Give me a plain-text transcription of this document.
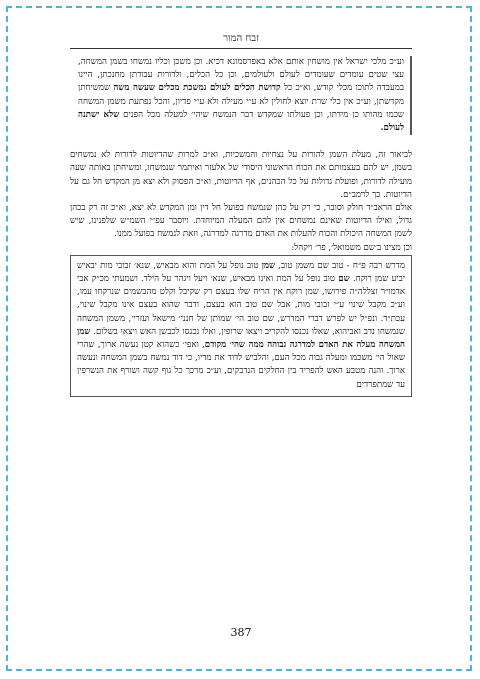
זבח המור

וע״כ מלכי ישראל אין מושחין אותם אלא באפרסמונא דכיא. וכן משכן וכליו נמשחו בשמן המשחה, עצי שטים עומדים שעומדים לעולם ולעולמים, וכן כל הכלים, ולדורות עבודתן מחנכתן, היינו במעבדה לתוכו מכלי קודש, וא״כ כל קדושת הכלים לעולם נמשכת מכלים שעשה משה שמשיחתן מקדשתן, וע״כ אין כלי שרת יוצא לחולין לא ע״י מעילה ולא ע״י פדיון, והכל נפתעת משמן המשחה שכמו מהותו כן מידתו, וכן פעולתו שמקדש דבר הנמשח שיהי׳ למעלה מכל הפנים שלא ישתנה לעולם.

לביאור זה, מעלת השמן להורות על נצחיות והמשכיות, וא״כ למרות שהדיוטות לדורות לא נמשחים בשמן, יש להם בעצמותם את הכוח הראשוני היסודי של אלעזר ואיתמר שנמשחו, ומשיחתן באותה שעה מועילה לדורות, ופועלת גדולות על כל הכהנים, אף הדיוטות, וא״כ הפסוק ולא יצא מן המקדש חל גם על הדיוטות. כך לרמב״ם.

אולם הראב״ד חולק וסובר, כי רק על כהן שנמשח בפועל חל דין ומן המקדש לא יצא, וא״כ זה רק בכהן גדול, ואילו הדיוטות שאינם נמשחים אין להם המעלה המיוחדת. ויוסבר עפ״י השמ״ש שלפנינו, שיש לשמן המשחה היכולת והכוח להעלות את האדם מדרגה למדרגה, וזאת לנמשח בפועל ממנו.

וכן מצינו ב׳שם משמואל׳, פר׳ ויקהל:

מדרש רבה פ״ח - טוב שם משמן טוב, שמן טוב נופל על המת והוא מבאיש, שנא׳ זבובי מות יבאיש יביע שמן רוקח. שם טוב נופל על המת ואינו מבאיש, שנא׳ ויעל ויגהר על הילד. ושמעתי מכ״ק אבי אדמו״ר זצללה״ה פירושו, שמן רוקח אין הריח שלו בעצם רק שקיבל וקלט מהבשמים שנרקחו עמו, וע״כ מקבל שינוי ע״י זבובי מות, אבל שם טוב הוא בעצם, ודבר שהוא בעצם אינו מקבל שינוי, עכת״ד. ונפ״ל יש לפרש דברי המדרש, שם טוב הי׳ שמותן של חנני׳ מישאל ועזרי׳, משמן המשחה שנמשחו נדב ואביהוא, שאלו נכנסו להקריב ויצאו שרופין, ואלו נכנסו לכבשן האש ויצאו בשלום. שמן המשחה מעלה את האדם למדרגה גבוהה ממה שהי׳ מקודם, ואפי׳ כשהוא קטן נעשה ארוך, שהרי שאול הי׳ משכמו ומעלה גבוה מכל העם, והלביש לדוד את מדיו, כי דוד נמשח בשמן המשחה ונעשה ארוך. והנה מטבע האש להפריד בין החלקים הנדבקים, וע״כ מרכך כל גוף קשה ושורף את הנשרפין עד שמתפרדים

387
